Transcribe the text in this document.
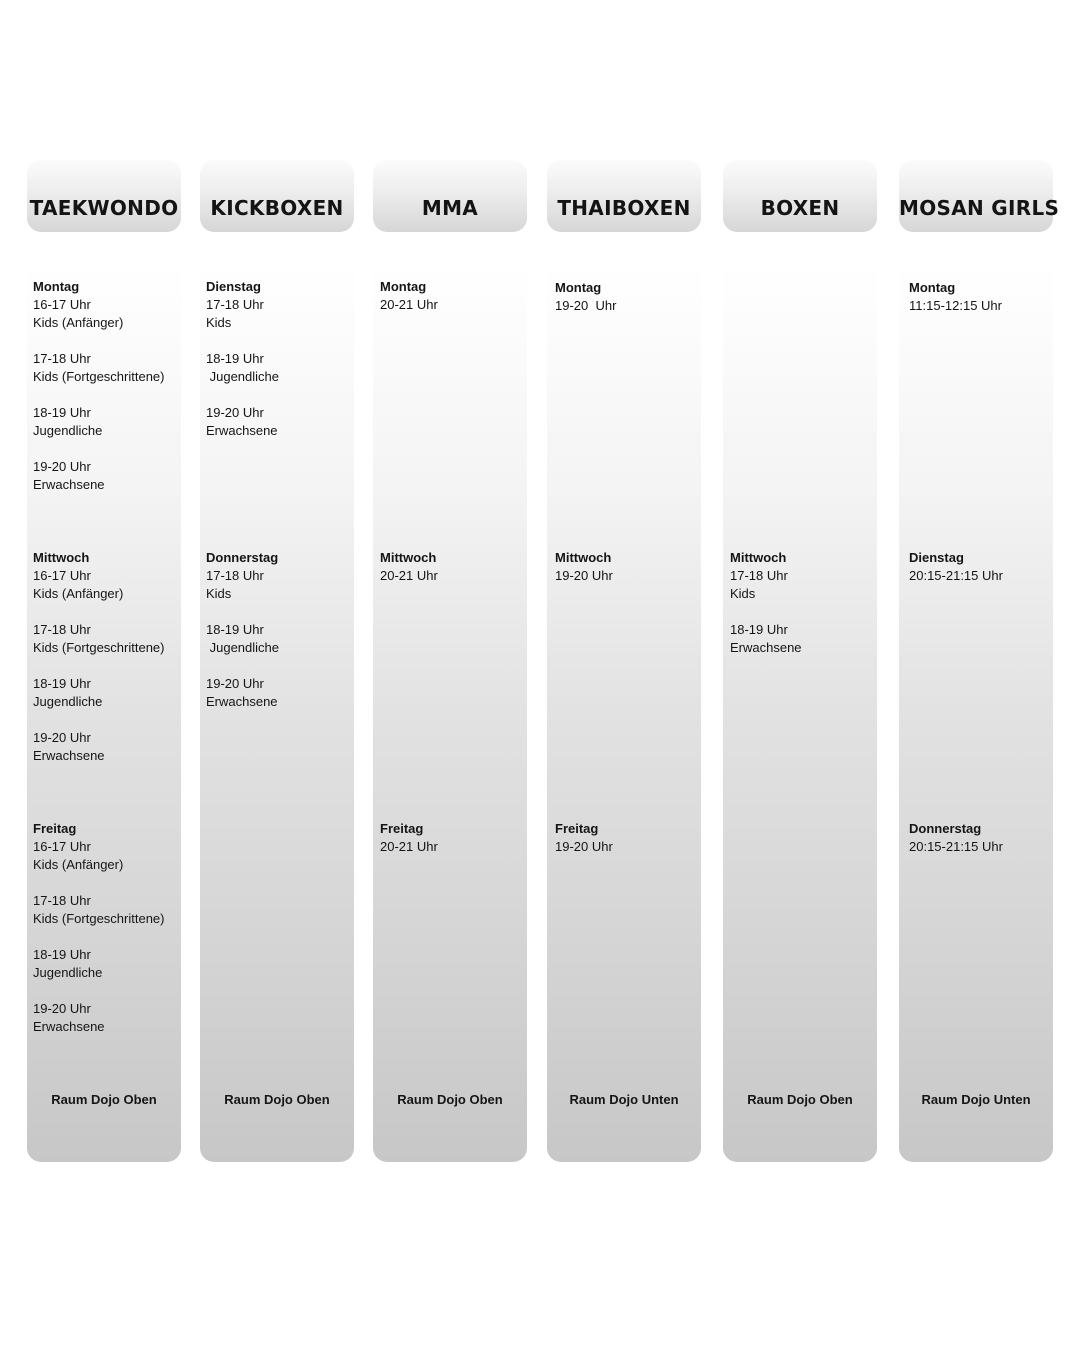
TAEKWONDO
Montag
16-17 Uhr
Kids (Anfänger)
17-18 Uhr
Kids (Fortgeschrittene)
18-19 Uhr
Jugendliche
19-20 Uhr
Erwachsene
Mittwoch
16-17 Uhr
Kids (Anfänger)
17-18 Uhr
Kids (Fortgeschrittene)
18-19 Uhr
Jugendliche
19-20 Uhr
Erwachsene
Freitag
16-17 Uhr
Kids (Anfänger)
17-18 Uhr
Kids (Fortgeschrittene)
18-19 Uhr
Jugendliche
19-20 Uhr
Erwachsene
Raum Dojo Oben
KICKBOXEN
Dienstag
17-18 Uhr
Kids
18-19 Uhr
Jugendliche
19-20 Uhr
Erwachsene
Donnerstag
17-18 Uhr
Kids
18-19 Uhr
Jugendliche
19-20 Uhr
Erwachsene
Raum Dojo Oben
MMA
Montag
20-21 Uhr
Mittwoch
20-21 Uhr
Freitag
20-21 Uhr
Raum Dojo Oben
THAIBOXEN
Montag
19-20  Uhr
Mittwoch
19-20 Uhr
Freitag
19-20 Uhr
Raum Dojo Unten
BOXEN
Mittwoch
17-18 Uhr
Kids
18-19 Uhr
Erwachsene
Raum Dojo Oben
MOSAN GIRLS
Montag
11:15-12:15 Uhr
Dienstag
20:15-21:15 Uhr
Donnerstag
20:15-21:15 Uhr
Raum Dojo Unten
